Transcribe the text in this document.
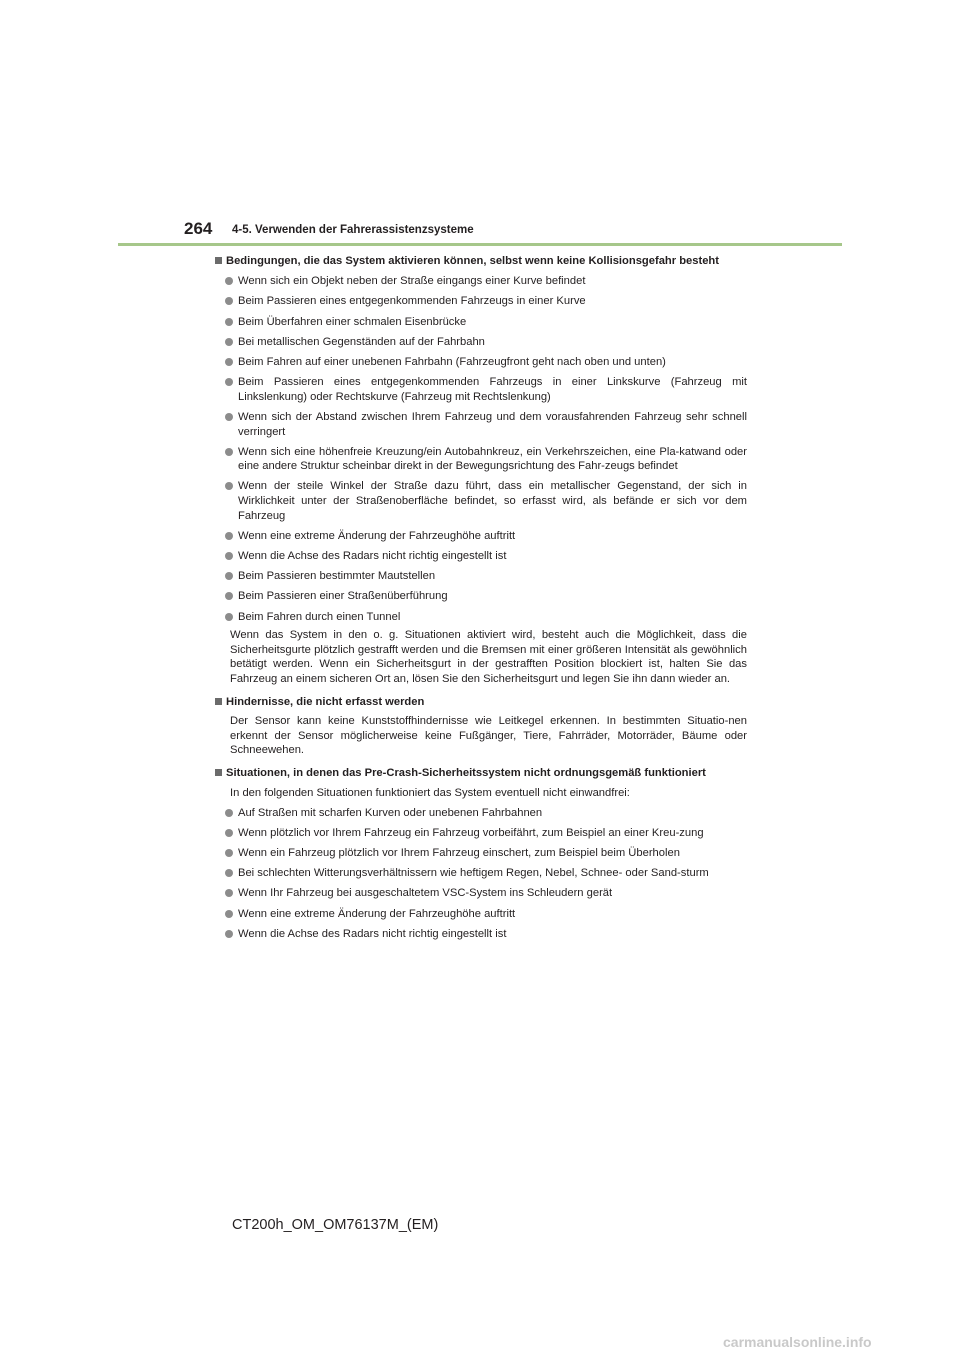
264 4-5. Verwenden der Fahrerassistenzsysteme
Bedingungen, die das System aktivieren können, selbst wenn keine Kollisionsgefahr besteht
Wenn sich ein Objekt neben der Straße eingangs einer Kurve befindet
Beim Passieren eines entgegenkommenden Fahrzeugs in einer Kurve
Beim Überfahren einer schmalen Eisenbrücke
Bei metallischen Gegenständen auf der Fahrbahn
Beim Fahren auf einer unebenen Fahrbahn (Fahrzeugfront geht nach oben und unten)
Beim Passieren eines entgegenkommenden Fahrzeugs in einer Linkskurve (Fahrzeug mit Linkslenkung) oder Rechtskurve (Fahrzeug mit Rechtslenkung)
Wenn sich der Abstand zwischen Ihrem Fahrzeug und dem vorausfahrenden Fahrzeug sehr schnell verringert
Wenn sich eine höhenfreie Kreuzung/ein Autobahnkreuz, ein Verkehrszeichen, eine Pla-katwand oder eine andere Struktur scheinbar direkt in der Bewegungsrichtung des Fahr-zeugs befindet
Wenn der steile Winkel der Straße dazu führt, dass ein metallischer Gegenstand, der sich in Wirklichkeit unter der Straßenoberfläche befindet, so erfasst wird, als befände er sich vor dem Fahrzeug
Wenn eine extreme Änderung der Fahrzeughöhe auftritt
Wenn die Achse des Radars nicht richtig eingestellt ist
Beim Passieren bestimmter Mautstellen
Beim Passieren einer Straßenüberführung
Beim Fahren durch einen Tunnel
Wenn das System in den o. g. Situationen aktiviert wird, besteht auch die Möglichkeit, dass die Sicherheitsgurte plötzlich gestrafft werden und die Bremsen mit einer größeren Intensität als gewöhnlich betätigt werden. Wenn ein Sicherheitsgurt in der gestrafften Position blockiert ist, halten Sie das Fahrzeug an einem sicheren Ort an, lösen Sie den Sicherheitsgurt und legen Sie ihn dann wieder an.
Hindernisse, die nicht erfasst werden
Der Sensor kann keine Kunststoffhindernisse wie Leitkegel erkennen. In bestimmten Situatio-nen erkennt der Sensor möglicherweise keine Fußgänger, Tiere, Fahrräder, Motorräder, Bäume oder Schneewehen.
Situationen, in denen das Pre-Crash-Sicherheitssystem nicht ordnungsgemäß funktioniert
In den folgenden Situationen funktioniert das System eventuell nicht einwandfrei:
Auf Straßen mit scharfen Kurven oder unebenen Fahrbahnen
Wenn plötzlich vor Ihrem Fahrzeug ein Fahrzeug vorbeifährt, zum Beispiel an einer Kreu-zung
Wenn ein Fahrzeug plötzlich vor Ihrem Fahrzeug einschert, zum Beispiel beim Überholen
Bei schlechten Witterungsverhältnissern wie heftigem Regen, Nebel, Schnee- oder Sand-sturm
Wenn Ihr Fahrzeug bei ausgeschaltetem VSC-System ins Schleudern gerät
Wenn eine extreme Änderung der Fahrzeughöhe auftritt
Wenn die Achse des Radars nicht richtig eingestellt ist
CT200h_OM_OM76137M_(EM)
carmanualsonline.info
